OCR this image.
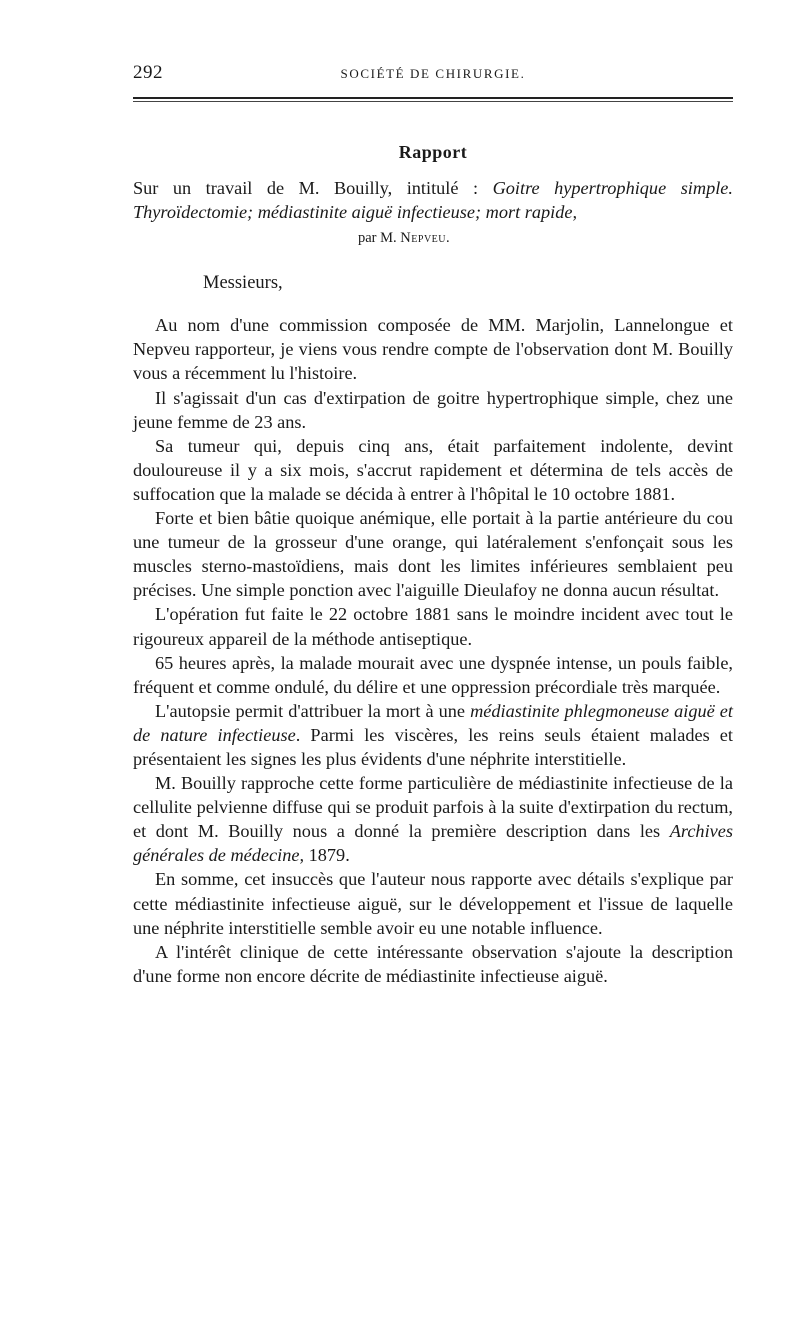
292	SOCIÉTÉ DE CHIRURGIE.
Rapport

Sur un travail de M. Bouilly, intitulé : Goitre hypertrophique simple. Thyroïdectomie; médiastinite aiguë infectieuse; mort rapide,

par M. Nepveu.

Messieurs,

Au nom d'une commission composée de MM. Marjolin, Lannelongue et Nepveu rapporteur, je viens vous rendre compte de l'observation dont M. Bouilly vous a récemment lu l'histoire.

Il s'agissait d'un cas d'extirpation de goitre hypertrophique simple, chez une jeune femme de 23 ans.

Sa tumeur qui, depuis cinq ans, était parfaitement indolente, devint douloureuse il y a six mois, s'accrut rapidement et détermina de tels accès de suffocation que la malade se décida à entrer à l'hôpital le 10 octobre 1881.

Forte et bien bâtie quoique anémique, elle portait à la partie antérieure du cou une tumeur de la grosseur d'une orange, qui latéralement s'enfonçait sous les muscles sterno-mastoïdiens, mais dont les limites inférieures semblaient peu précises. Une simple ponction avec l'aiguille Dieulafoy ne donna aucun résultat.

L'opération fut faite le 22 octobre 1881 sans le moindre incident avec tout le rigoureux appareil de la méthode antiseptique.

65 heures après, la malade mourait avec une dyspnée intense, un pouls faible, fréquent et comme ondulé, du délire et une oppression précordiale très marquée.

L'autopsie permit d'attribuer la mort à une médiastinite phlegmoneuse aiguë et de nature infectieuse. Parmi les viscères, les reins seuls étaient malades et présentaient les signes les plus évidents d'une néphrite interstitielle.

M. Bouilly rapproche cette forme particulière de médiastinite infectieuse de la cellulite pelvienne diffuse qui se produit parfois à la suite d'extirpation du rectum, et dont M. Bouilly nous a donné la première description dans les Archives générales de médecine, 1879.

En somme, cet insuccès que l'auteur nous rapporte avec détails s'explique par cette médiastinite infectieuse aiguë, sur le développement et l'issue de laquelle une néphrite interstitielle semble avoir eu une notable influence.

A l'intérêt clinique de cette intéressante observation s'ajoute la description d'une forme non encore décrite de médiastinite infectieuse aiguë.
